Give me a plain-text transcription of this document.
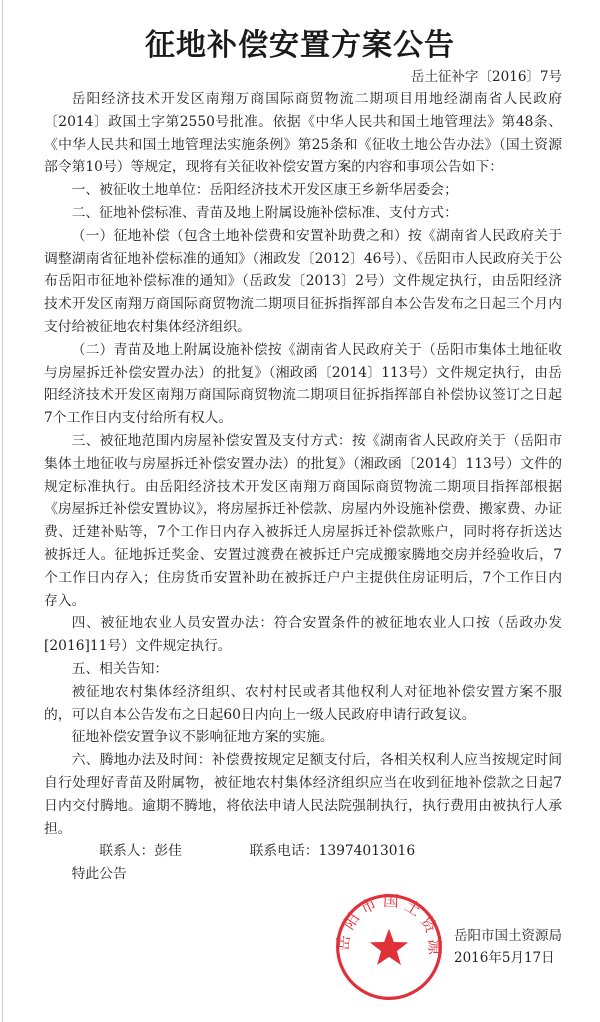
征地补偿安置方案公告
岳土征补字〔2016〕7号

岳阳经济技术开发区南翔万商国际商贸物流二期项目用地经湖南省人民政府〔2014〕政国土字第2550号批准。依据《中华人民共和国土地管理法》第48条、《中华人民共和国土地管理法实施条例》第25条和《征收土地公告办法》（国土资源部令第10号）等规定，现将有关征收补偿安置方案的内容和事项公告如下：

一、被征收土地单位：岳阳经济技术开发区康王乡新华居委会；

二、征地补偿标准、青苗及地上附属设施补偿标准、支付方式：

（一）征地补偿（包含土地补偿费和安置补助费之和）按《湖南省人民政府关于调整湖南省征地补偿标准的通知》（湘政发〔2012〕46号）、《岳阳市人民政府关于公布岳阳市征地补偿标准的通知》（岳政发〔2013〕2号）文件规定执行，由岳阳经济技术开发区南翔万商国际商贸物流二期项目征拆指挥部自本公告发布之日起三个月内支付给被征地农村集体经济组织。

（二）青苗及地上附属设施补偿按《湖南省人民政府关于（岳阳市集体土地征收与房屋拆迁补偿安置办法）的批复》（湘政函〔2014〕113号）文件规定执行，由岳阳经济技术开发区南翔万商国际商贸物流二期项目征拆指挥部自补偿协议签订之日起7个工作日内支付给所有权人。

三、被征地范围内房屋补偿安置及支付方式：按《湖南省人民政府关于（岳阳市集体土地征收与房屋拆迁补偿安置办法）的批复》（湘政函〔2014〕113号）文件的规定标准执行。由岳阳经济技术开发区南翔万商国际商贸物流二期项目指挥部根据《房屋拆迁补偿安置协议》，将房屋拆迁补偿款、房屋内外设施补偿费、搬家费、办证费、迁建补贴等，7个工作日内存入被拆迁人房屋拆迁补偿款账户，同时将存折送达被拆迁人。征地拆迁奖金、安置过渡费在被拆迁户完成搬家腾地交房并经验收后，7个工作日内存入；住房货币安置补助在被拆迁户户主提供住房证明后，7个工作日内存入。

四、被征地农业人员安置办法：符合安置条件的被征地农业人口按（岳政办发[2016]11号）文件规定执行。

五、相关告知：

被征地农村集体经济组织、农村村民或者其他权利人对征地补偿安置方案不服的，可以自本公告发布之日起60日内向上一级人民政府申请行政复议。

征地补偿安置争议不影响征地方案的实施。

六、腾地办法及时间：补偿费按规定足额支付后，各相关权利人应当按规定时间自行处理好青苗及附属物，被征地农村集体经济组织应当在收到征地补偿款之日起7日内交付腾地。逾期不腾地，将依法申请人民法院强制执行，执行费用由被执行人承担。

联系人：彭佳	联系电话：13974013016

特此公告

岳 阳 市 国 土 资 源
岳阳市国土资源局
2016年5月17日
